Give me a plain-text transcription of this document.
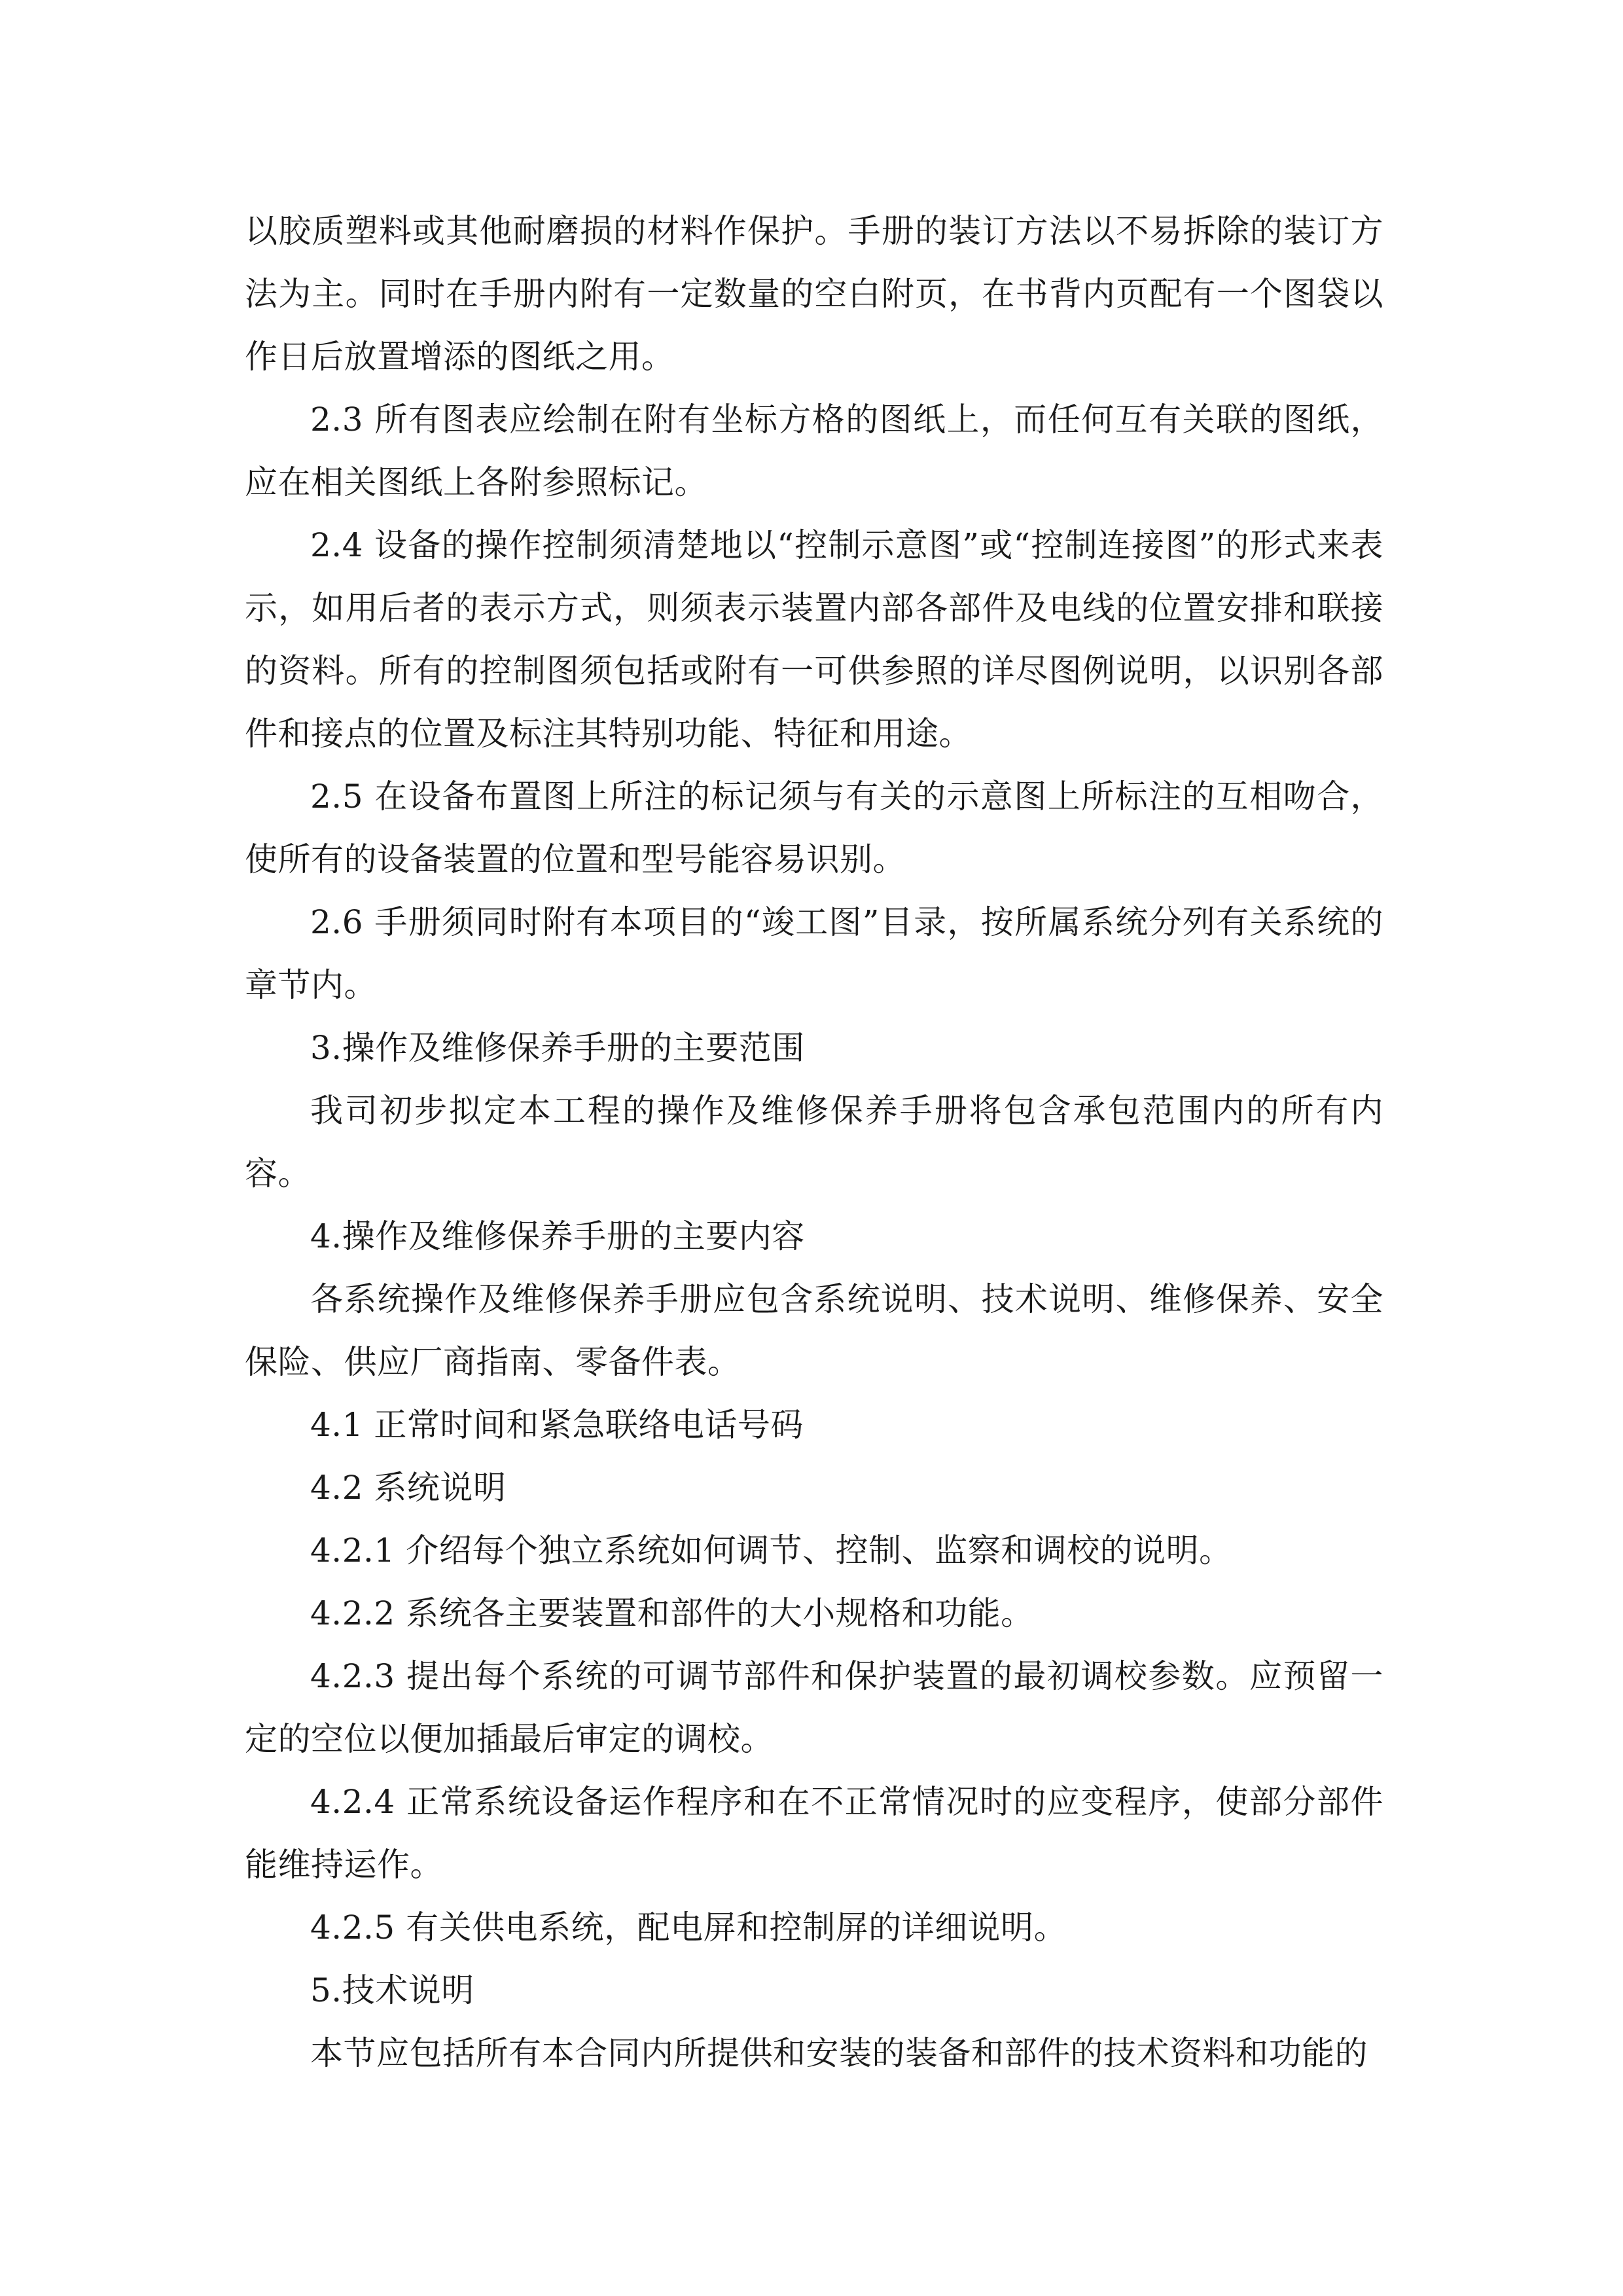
以胶质塑料或其他耐磨损的材料作保护。手册的装订方法以不易拆除的装订方法为主。同时在手册内附有一定数量的空白附页，在书背内页配有一个图袋以作日后放置增添的图纸之用。

2.3 所有图表应绘制在附有坐标方格的图纸上，而任何互有关联的图纸，应在相关图纸上各附参照标记。

2.4 设备的操作控制须清楚地以“控制示意图”或“控制连接图”的形式来表示，如用后者的表示方式，则须表示装置内部各部件及电线的位置安排和联接的资料。所有的控制图须包括或附有一可供参照的详尽图例说明，以识别各部件和接点的位置及标注其特别功能、特征和用途。

2.5 在设备布置图上所注的标记须与有关的示意图上所标注的互相吻合，使所有的设备装置的位置和型号能容易识别。

2.6 手册须同时附有本项目的“竣工图”目录，按所属系统分列有关系统的章节内。

3.操作及维修保养手册的主要范围

我司初步拟定本工程的操作及维修保养手册将包含承包范围内的所有内容。

4.操作及维修保养手册的主要内容

各系统操作及维修保养手册应包含系统说明、技术说明、维修保养、安全保险、供应厂商指南、零备件表。

4.1 正常时间和紧急联络电话号码

4.2 系统说明

4.2.1 介绍每个独立系统如何调节、控制、监察和调校的说明。

4.2.2 系统各主要装置和部件的大小规格和功能。

4.2.3 提出每个系统的可调节部件和保护装置的最初调校参数。应预留一定的空位以便加插最后审定的调校。

4.2.4 正常系统设备运作程序和在不正常情况时的应变程序，使部分部件能维持运作。

4.2.5 有关供电系统，配电屏和控制屏的详细说明。

5.技术说明

本节应包括所有本合同内所提供和安装的装备和部件的技术资料和功能的
